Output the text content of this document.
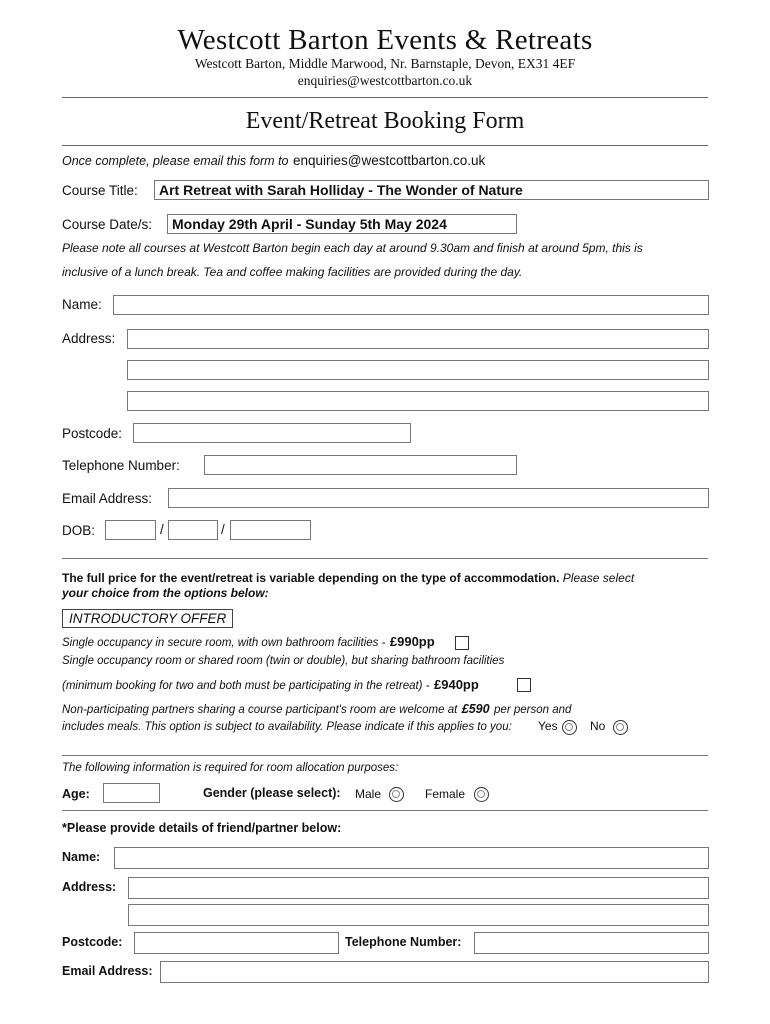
Westcott Barton Events & Retreats
Westcott Barton, Middle Marwood, Nr. Barnstaple, Devon, EX31 4EF
enquiries@westcottbarton.co.uk
Event/Retreat Booking Form
Once complete, please email this form to enquiries@westcottbarton.co.uk
Course Title:	Art Retreat with Sarah Holliday - The Wonder of Nature
Course Date/s:	Monday 29th April - Sunday 5th May 2024
Please note all courses at Westcott Barton begin each day at around 9.30am and finish at around 5pm, this is
inclusive of a lunch break. Tea and coffee making facilities are provided during the day.
Name:
Address:
Postcode:
Telephone Number:
Email Address:
DOB:	/	/
The full price for the event/retreat is variable depending on the type of accommodation. Please select
your choice from the options below:
INTRODUCTORY OFFER
Single occupancy in secure room, with own bathroom facilities - £990pp
Single occupancy room or shared room (twin or double), but sharing bathroom facilities
(minimum booking for two and both must be participating in the retreat) - £940pp
Non-participating partners sharing a course participant's room are welcome at £590 per person and
includes meals. This option is subject to availability. Please indicate if this applies to you: Yes	No
The following information is required for room allocation purposes:
Age:	Gender (please select): Male	Female
*Please provide details of friend/partner below:
Name:
Address:
Postcode:	Telephone Number:
Email Address:
